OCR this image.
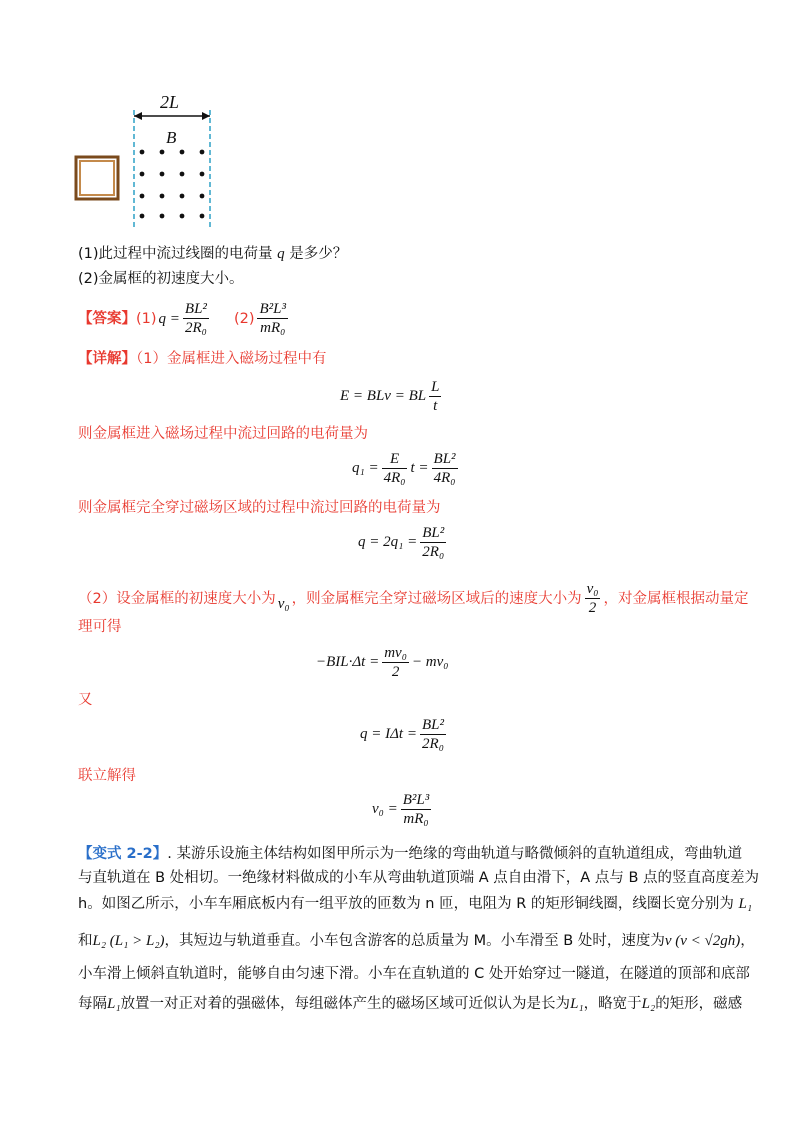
2L
B
(1)此过程中流过线圈的电荷量 q 是多少？
(2)金属框的初速度大小。
【答案】 (1) $q = \frac{\text{BL²}}{\text{2R₀}} (2) \frac{\text{B²L³}}{\text{mR₀}}$
【详解】（1）金属框进入磁场过程中有
E = BLv = BL $\frac{L}{t}$
则金属框进入磁场过程中流过回路的电荷量为
$q_1 = \frac{E}{\text{4R₀}}$ $t = \frac{\text{BL²}}{\text{4R₀}}$
则金属框完全穿过磁场区域的过程中流过回路的电荷量为
$q = 2q_1 = \frac{\text{BL²}}{\text{2R₀}}$
（2）设金属框的初速度大小为 v₀ ，则金属框完全穿过磁场区域后的速度大小为 $\frac{\text{v₀}}{2}$ ，对金属框根据动量定
理可得
$-BIL\cdot\Delta t = \frac{\text{mv₀}}{2} - mv_0$
又
$q = I\Delta t = \frac{\text{BL²}}{\text{2R₀}}$
联立解得
$v_0 = \frac{\text{B²L³}}{\text{mR₀}}$
【变式 2-2】. 某游乐设施主体结构如图甲所示为一绝缘的弯曲轨道与略微倾斜的直轨道组成，弯曲轨道
与直轨道在 B 处相切。一绝缘材料做成的小车从弯曲轨道顶端 A 点自由滑下，A 点与 B 点的竖直高度差为
h。如图乙所示，小车车厢底板内有一组平放的匝数为 n 匝，电阻为 R 的矩形铜线圈，线圈长宽分别为 L₁
和L₂ (L₁ > L₂)，其短边与轨道垂直。小车包含游客的总质量为 M。小车滑至 B 处时，速度为v (v < √2gh)，
小车滑上倾斜直轨道时，能够自由匀速下滑。小车在直轨道的 C 处开始穿过一隧道，在隧道的顶部和底部
每隔L₁放置一对正对着的强磁体，每组磁体产生的磁场区域可近似认为是长为L₁，略宽于L₂的矩形，磁感
